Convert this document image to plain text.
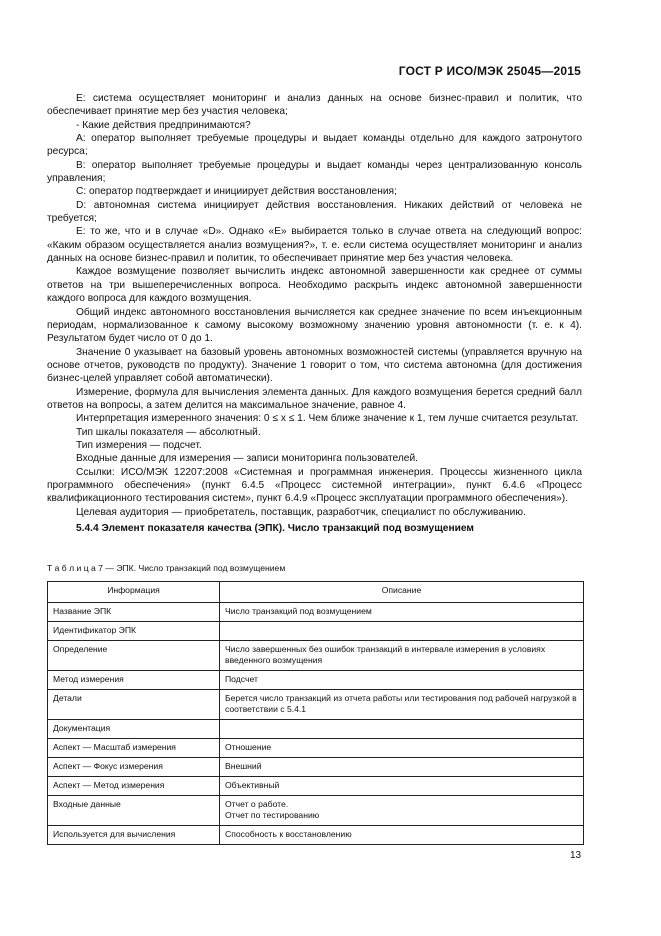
ГОСТ Р ИСО/МЭК 25045—2015

E: система осуществляет мониторинг и анализ данных на основе бизнес-правил и политик, что обеспечивает принятие мер без участия человека;

- Какие действия предпринимаются?

А: оператор выполняет требуемые процедуры и выдает команды отдельно для каждого затронутого ресурса;

В: оператор выполняет требуемые процедуры и выдает команды через централизованную консоль управления;

С: оператор подтверждает и инициирует действия восстановления;

D: автономная система инициирует действия восстановления. Никаких действий от человека не требуется;

Е: то же, что и в случае «D». Однако «E» выбирается только в случае ответа на следующий вопрос: «Каким образом осуществляется анализ возмущения?», т. е. если система осуществляет мониторинг и анализ данных на основе бизнес-правил и политик, то обеспечивает принятие мер без участия человека.

Каждое возмущение позволяет вычислить индекс автономной завершенности как среднее от суммы ответов на три вышеперечисленных вопроса. Необходимо раскрыть индекс автономной завершенности каждого вопроса для каждого возмущения.

Общий индекс автономного восстановления вычисляется как среднее значение по всем инъекционным периодам, нормализованное к самому высокому возможному значению уровня автономности (т. е. к 4). Результатом будет число от 0 до 1.

Значение 0 указывает на базовый уровень автономных возможностей системы (управляется вручную на основе отчетов, руководств по продукту). Значение 1 говорит о том, что система автономна (для достижения бизнес-целей управляет собой автоматически).

Измерение, формула для вычисления элемента данных. Для каждого возмущения берется средний балл ответов на вопросы, а затем делится на максимальное значение, равное 4.

Интерпретация измеренного значения: 0 ≤ x ≤ 1. Чем ближе значение к 1, тем лучше считается результат.

Тип шкалы показателя — абсолютный.

Тип измерения — подсчет.

Входные данные для измерения — записи мониторинга пользователей.

Ссылки: ИСО/МЭК 12207:2008 «Системная и программная инженерия. Процессы жизненного цикла программного обеспечения» (пункт 6.4.5 «Процесс системной интеграции», пункт 6.4.6 «Процесс квалификационного тестирования систем», пункт 6.4.9 «Процесс эксплуатации программного обеспечения»).

Целевая аудитория — приобретатель, поставщик, разработчик, специалист по обслуживанию.

5.4.4 Элемент показателя качества (ЭПК). Число транзакций под возмущением

Т а б л и ц а 7 — ЭПК. Число транзакций под возмущением
Информация	Описание
Название ЭПК	Число транзакций под возмущением
Идентификатор ЭПК	
Определение	Число завершенных без ошибок транзакций в интервале измерения в условиях введенного возмущения
Метод измерения	Подсчет
Детали	Берется число транзакций из отчета работы или тестирования под рабочей нагрузкой в соответствии с 5.4.1
Документация	
Аспект — Масштаб измерения	Отношение
Аспект — Фокус измерения	Внешний
Аспект — Метод измерения	Объективный
Входные данные	Отчет о работе.
Отчет по тестированию
Используется для вычисления	Способность к восстановлению
13
